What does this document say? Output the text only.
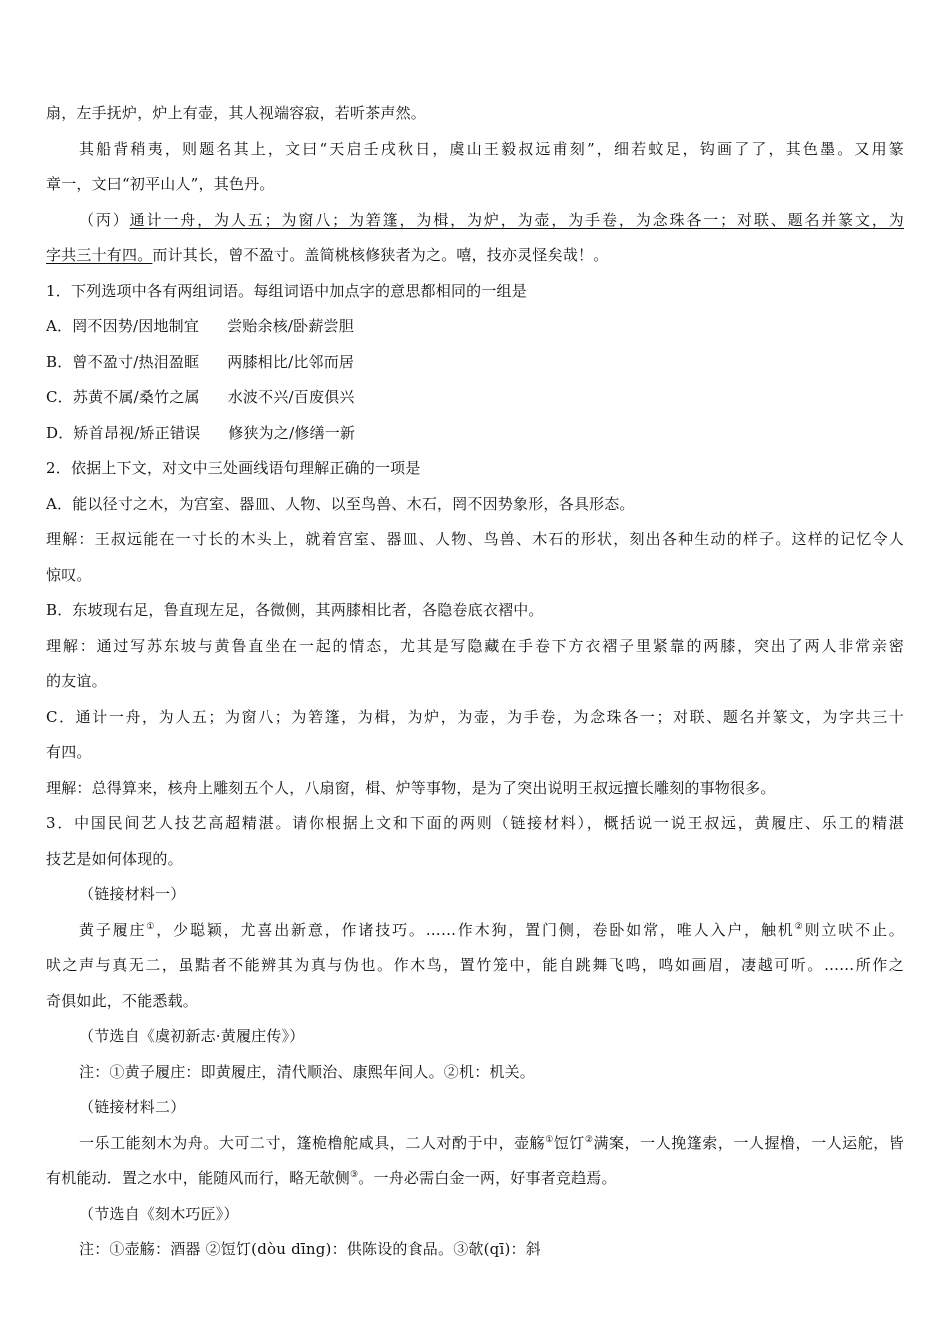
扇，左手抚炉，炉上有壶，其人视端容寂，若听茶声然。
其船背稍夷，则题名其上，文曰“天启壬戌秋日，虞山王毅叔远甫刻”，细若蚊足，钩画了了，其色墨。又用篆
章一，文曰“初平山人”，其色丹。
（丙）通计一舟，为人五；为窗八；为箬篷，为楫，为炉，为壶，为手卷，为念珠各一；对联、题名并篆文，为
字共三十有四。而计其长，曾不盈寸。盖简桃核修狭者为之。嘻，技亦灵怪矣哉！。
1．下列选项中各有两组词语。每组词语中加点字的意思都相同的一组是
A．罔不因势/因地制宜 尝贻余核/卧薪尝胆
B．曾不盈寸/热泪盈眶 两膝相比/比邻而居
C．苏黄不属/桑竹之属 水波不兴/百废俱兴
D．矫首昂视/矫正错误 修狭为之/修缮一新
2．依据上下文，对文中三处画线语句理解正确的一项是
A．能以径寸之木，为宫室、器皿、人物、以至鸟兽、木石，罔不因势象形，各具形态。
理解：王叔远能在一寸长的木头上，就着宫室、器皿、人物、鸟兽、木石的形状，刻出各种生动的样子。这样的记忆令人
惊叹。
B．东坡现右足，鲁直现左足，各微侧，其两膝相比者，各隐卷底衣褶中。
理解：通过写苏东坡与黄鲁直坐在一起的情态，尤其是写隐藏在手卷下方衣褶子里紧靠的两膝，突出了两人非常亲密
的友谊。
C．通计一舟，为人五；为窗八；为箬篷，为楫，为炉，为壶，为手卷，为念珠各一；对联、题名并篆文，为字共三十
有四。
理解：总得算来，核舟上雕刻五个人，八扇窗，楫、炉等事物，是为了突出说明王叔远擅长雕刻的事物很多。
3．中国民间艺人技艺高超精湛。请你根据上文和下面的两则（链接材料），概括说一说王叔远，黄履庄、乐工的精湛
技艺是如何体现的。
（链接材料一）
黄子履庄①，少聪颖，尤喜出新意，作诸技巧。……作木狗，置门侧，卷卧如常，唯人入户，触机②则立吠不止。
吠之声与真无二，虽黠者不能辨其为真与伪也。作木鸟，置竹笼中，能自跳舞飞鸣，鸣如画眉，凄越可听。……所作之
奇俱如此，不能悉载。
（节选自《虞初新志·黄履庄传》）
注：①黄子履庄：即黄履庄，清代顺治、康熙年间人。②机：机关。
（链接材料二）
一乐工能刻木为舟。大可二寸，篷桅橹舵咸具，二人对酌于中，壶觞①饾饤②满案，一人挽篷索，一人握橹，一人运舵，皆
有机能动．置之水中，能随风而行，略无欹侧③。一舟必需白金一两，好事者竞趋焉。
（节选自《刻木巧匠》）
注：①壶觞：酒器 ②饾饤(dòu dīng)：供陈设的食品。③欹(qī)：斜
